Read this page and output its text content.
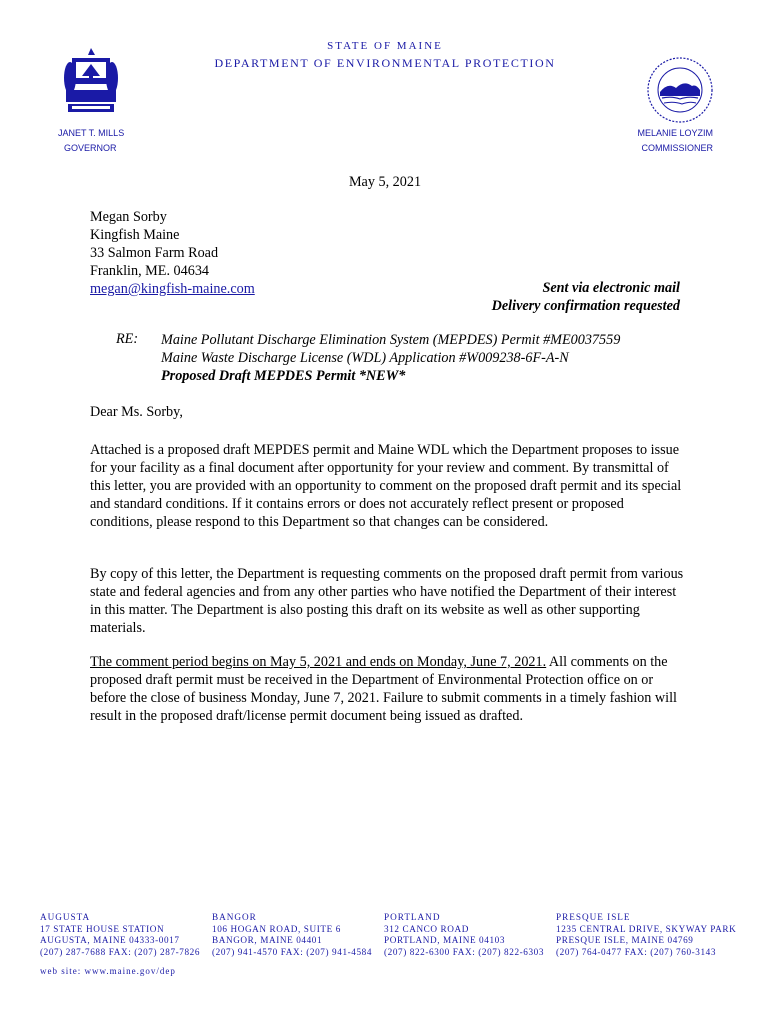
STATE OF MAINE
DEPARTMENT OF ENVIRONMENTAL PROTECTION
JANET T. MILLS
GOVERNOR
MELANIE LOYZIM
COMMISSIONER
May 5, 2021
Megan Sorby
Kingfish Maine
33 Salmon Farm Road
Franklin, ME. 04634
megan@kingfish-maine.com	Sent via electronic mail
Delivery confirmation requested
RE: Maine Pollutant Discharge Elimination System (MEPDES) Permit #ME0037559
Maine Waste Discharge License (WDL) Application #W009238-6F-A-N
Proposed Draft MEPDES Permit *NEW*
Dear Ms. Sorby,
Attached is a proposed draft MEPDES permit and Maine WDL which the Department proposes to issue for your facility as a final document after opportunity for your review and comment. By transmittal of this letter, you are provided with an opportunity to comment on the proposed draft permit and its special and standard conditions. If it contains errors or does not accurately reflect present or proposed conditions, please respond to this Department so that changes can be considered.
By copy of this letter, the Department is requesting comments on the proposed draft permit from various state and federal agencies and from any other parties who have notified the Department of their interest in this matter. The Department is also posting this draft on its website as well as other supporting materials.
The comment period begins on May 5, 2021 and ends on Monday, June 7, 2021. All comments on the proposed draft permit must be received in the Department of Environmental Protection office on or before the close of business Monday, June 7, 2021. Failure to submit comments in a timely fashion will result in the proposed draft/license permit document being issued as drafted.
AUGUSTA
17 STATE HOUSE STATION
AUGUSTA, MAINE 04333-0017
(207) 287-7688 FAX: (207) 287-7826
BANGOR
106 HOGAN ROAD, SUITE 6
BANGOR, MAINE 04401
(207) 941-4570 FAX: (207) 941-4584
PORTLAND
312 CANCO ROAD
PORTLAND, MAINE 04103
(207) 822-6300 FAX: (207) 822-6303
PRESQUE ISLE
1235 CENTRAL DRIVE, SKYWAY PARK
PRESQUE ISLE, MAINE 04769
(207) 764-0477 FAX: (207) 760-3143
web site: www.maine.gov/dep
